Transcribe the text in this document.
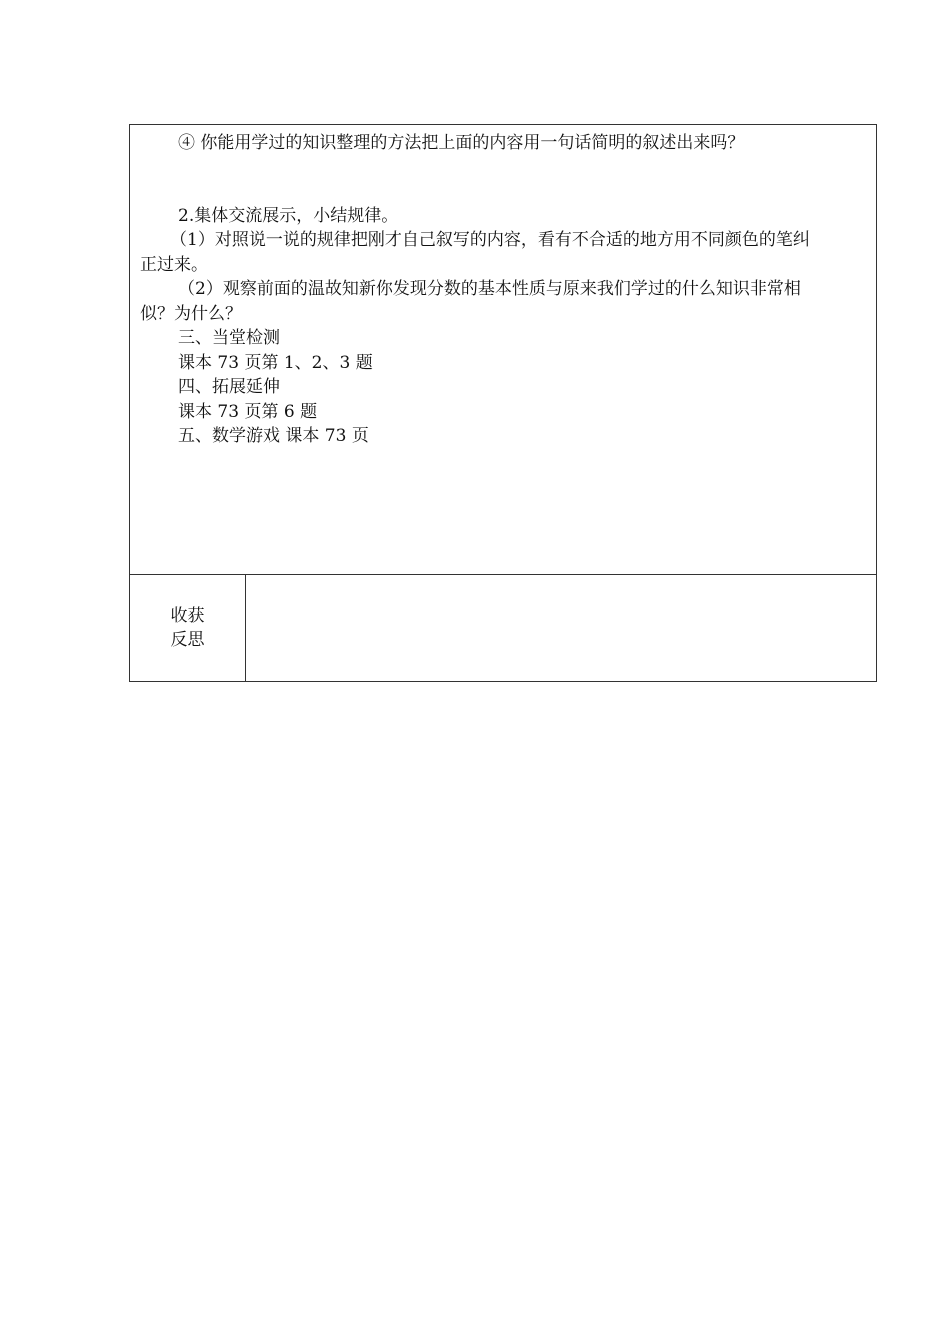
④ 你能用学过的知识整理的方法把上面的内容用一句话简明的叙述出来吗？
2.集体交流展示，小结规律。
（1）对照说一说的规律把刚才自己叙写的内容，看有不合适的地方用不同颜色的笔纠
正过来。
（2）观察前面的温故知新你发现分数的基本性质与原来我们学过的什么知识非常相
似？为什么？
三、当堂检测
课本 73 页第 1、2、3 题
四、拓展延伸
课本 73 页第 6 题
五、数学游戏 课本 73 页
收获
反思
